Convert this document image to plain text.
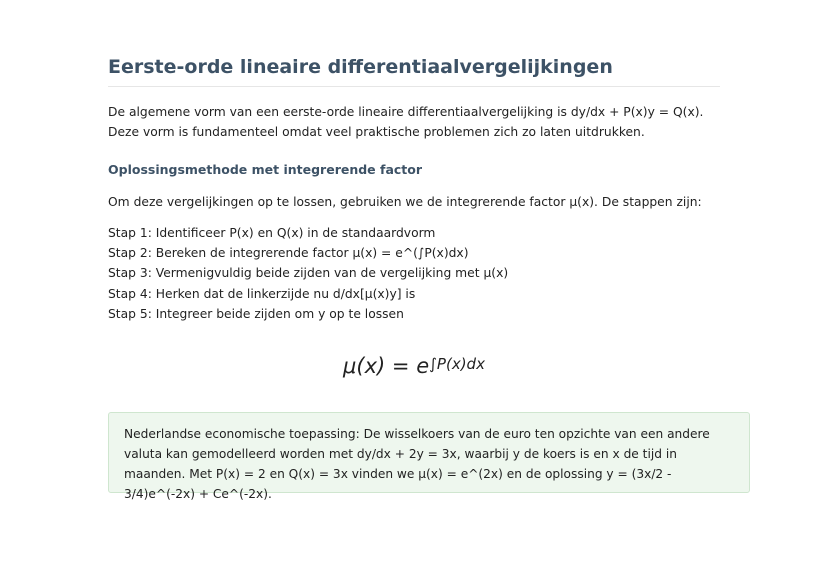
Eerste-orde lineaire differentiaalvergelijkingen

De algemene vorm van een eerste-orde lineaire differentiaalvergelijking is dy/dx + P(x)y = Q(x). Deze vorm is fundamenteel omdat veel praktische problemen zich zo laten uitdrukken.

Oplossingsmethode met integrerende factor

Om deze vergelijkingen op te lossen, gebruiken we de integrerende factor μ(x). De stappen zijn:

Stap 1: Identificeer P(x) en Q(x) in de standaardvorm
Stap 2: Bereken de integrerende factor μ(x) = e^(∫P(x)dx)
Stap 3: Vermenigvuldig beide zijden van de vergelijking met μ(x)
Stap 4: Herken dat de linkerzijde nu d/dx[μ(x)y] is
Stap 5: Integreer beide zijden om y op te lossen
$\mu(x) = e^{\int P(x)dx}$
Nederlandse economische toepassing: De wisselkoers van de euro ten opzichte van een andere valuta kan gemodelleerd worden met dy/dx + 2y = 3x, waarbij y de koers is en x de tijd in maanden. Met P(x) = 2 en Q(x) = 3x vinden we μ(x) = e^(2x) en de oplossing y = (3x/2 - 3/4)e^(-2x) + Ce^(-2x).
